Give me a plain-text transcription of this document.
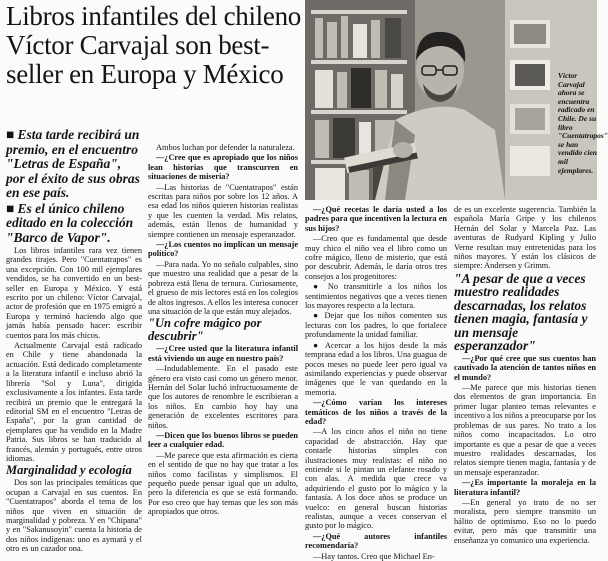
Libros infantiles del chileno Víctor Carvajal son best-seller en Europa y México	Víctor Carvajal ahora se encuentra radicado en Chile. De su libro "Cuentatrapos" se han vendido cien mil ejemplares.

■ Esta tarde recibirá un premio, en el encuentro "Letras de España", por el éxito de sus obras en ese país.

■ Es el único chileno editado en la colección "Barco de Vapor".

Los libros infantiles rara vez tienen grandes tirajes. Pero "Cuentatrapos" es una excepción. Con 100 mil ejemplares vendidos, se ha convertido en un best-seller en Europa y México. Y está escrito por un chileno: Víctor Carvajal, actor de profesión que en 1975 emigró a Europa y terminó haciendo algo que jamás había pensado hacer: escribir cuentos para los más chicos.

Actualmente Carvajal está radicado en Chile y tiene abandonada la actuación. Está dedicado completamente a la literatura infantil e incluso abrió la librería "Sol y Luna", dirigida exclusivamente a los infantes. Esta tarde recibirá un premio que le entregará la editorial SM en el encuentro "Letras de España", por la gran cantidad de ejemplares que ha vendido en la Madre Patria. Sus libros se han traducido al francés, alemán y portugués, entre otros idiomas.

Marginalidad y ecología

Dos son las principales temáticas que ocupan a Carvajal en sus cuentos. En "Cuentatrapos" aborda el tema de los niños que viven en situación de marginalidad y pobreza. Y en "Chipana" y en "Sakanusoyin" cuenta la historia de dos niños indígenas: uno es aymará y el otro es un cazador ona.

Ambos luchan por defender la naturaleza.

—¿Cree que es apropiado que los niños lean historias que transcurren en situaciones de miseria?

—Las historias de "Cuentatrapos" están escritas para niños por sobre los 12 años. A esa edad los niños quieren historias realistas y que les cuenten la verdad. Mis relatos, además, están llenos de humanidad y siempre contienen un mensaje esperanzador.

—¿Los cuentos no implican un mensaje político?

—Para nada. Yo no señalo culpables, sino que muestro una realidad que a pesar de la pobreza está llena de ternura. Curiosamente, el grueso de mis lectores está en los colegios de altos ingresos. A ellos les interesa conocer una situación de la que están muy alejados.

"Un cofre mágico por descubrir"

—¿Cree usted que la literatura infantil está viviendo un auge en nuestro país?

—Indudablemente. En el pasado este género era visto casi como un género menor. Hernán del Solar luchó infructuosamente de que los autores de renombre le escribieran a los niños. En cambio hoy hay una generación de excelentes escritores para niños.

—Dicen que los buenos libros se pueden leer a cualquier edad.

—Me parece que esta afirmación es cierta en el sentido de que no hay que tratar a los niños como facilistas y simplismos. El pequeño puede pensar igual que un adulto, pero la diferencia es que se está formando. Por eso creo que hay temas que les son más apropiados que otros.

—¿Qué recetas le daría usted a los padres para que incentiven la lectura en sus hijos?

—Creo que es fundamental que desde muy chico el niño vea el libro como un cofre mágico, lleno de misterio, que está por descubrir. Además, le daría otros tres consejos a los progenitores:

● No transmitirle a los niños los sentimientos negativos que a veces tienen los mayores respecto a la lectura.

● Dejar que los niños comenten sus lecturas con los padres, lo que fortalece profundamente la unidad familiar.

● Acercar a los hijos desde la más temprana edad a los libros. Una guagua de pocos meses no puede leer pero igual va asimilando experiencias y puede observar imágenes que le van quedando en la memoria.

—¿Cómo varían los intereses temáticos de los niños a través de la edad?

—A los cinco años el niño no tiene capacidad de abstracción. Hay que contarle historias simples con ilustraciones muy realistas: el niño no entiende si le pintan un elefante rosado y con alas. A medida que crece va adquiriendo el gusto por lo mágico y la fantasía. A los doce años se produce un vuelco: en general buscan historias realistas, aunque a veces conservan el gusto por lo mágico.

—¿Qué autores infantiles recomendaría?

—Hay tantos. Creo que Michael En-

de es un excelente sugerencia. También la española María Gripe y los chilenos Hernán del Solar y Marcela Paz. Las aventuras de Rudyard Kipling y Julio Verne resultan muy entretenidas para los niños mayores. Y están los clásicos de siempre: Andersen y Grimm.

"A pesar de que a veces muestro realidades descarnadas, los relatos tienen magia, fantasía y un mensaje esperanzador"

—¿Por qué cree que sus cuentos han cautivado la atención de tantos niños en el mundo?

—Me parece que mis historias tienen dos elementos de gran importancia. En primer lugar planteo temas relevantes e incentivo a los niños a preocuparse por los problemas de sus pares. No trato a los niños como incapacitados. Lo otro importante es que a pesar de que a veces muestro realidades descarnadas, los relatos siempre tienen magia, fantasía y de un mensaje esperanzador.

—¿Es importante la moraleja en la literatura infantil?

—En general yo trato de no ser moralista, pero siempre transmito un hálito de optimismo. Eso no lo puedo evitar, pero más que transmitir una enseñanza yo comunico una experiencia.
